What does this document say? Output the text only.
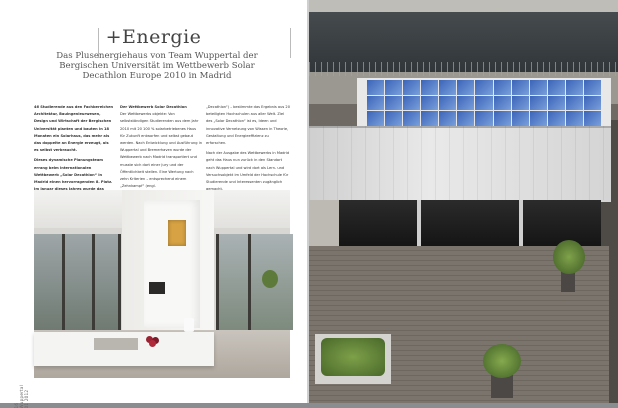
+Energie
Das Plusenergiehaus von Team Wuppertal der Bergischen Universität im Wettbewerb Solar Decathlon Europe 2010 in Madrid

46 Studierende aus den Fachbereichen Architektur, Bauingenieurwesen, Design und Wirtschaft der Bergischen Universität planten und bauten in 18 Monaten ein Solarhaus, das mehr als das doppelte an Energie erzeugt, als es selbst verbraucht.

Dieses dynamische Planungsteam errang beim internationalen Wettbewerb „Solar Decathlon“ in Madrid einen hervorragenden 8. Platz.

Der Wettbewerb Solar Decathlon

Der Wettbewerbs objekte: Von selbstständigen Studierenden aus dem Jahr 2010 mit 20 100 % solarbetriebenes Haus für Zukunft entworfen und selbst gebaut werden. Nach Entwicklung und Ausführung in Wuppertal und Bremerhaven wurde der Wettbewerb nach Madrid transportiert und musste sich dort einer Jury und der Öffentlichkeit stellen. Eine Wertung nach zehn Kriterien – entsprechend einem „Zehnkampf“ (engl.

„Decathlon“) – bestimmte das Ergebnis aus 20 beteiligten Hochschulen aus aller Welt. Ziel des „Solar Decathlon“ ist es, Ideen und innovative Vernetzung von Wissen in Theorie, Gestaltung und Energieeffizienz zu erforschen.

Nach der Ausgabe des Wettbewerbs in Madrid geht das Haus nun zurück in den Standort nach Wuppertal und wird dort als Lern- und Versuchsobjekt im Umfeld der Hochschule für Studierende und Interessenten zugänglich

16 Wuppertal 01 2012
